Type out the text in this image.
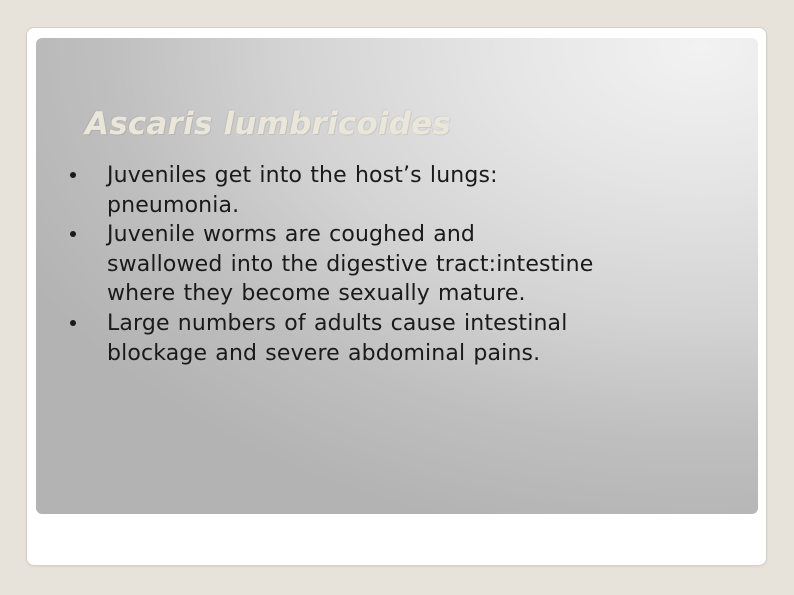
Ascaris lumbricoides
Juveniles get into the host’s lungs:
pneumonia.
Juvenile worms are coughed and
swallowed into the digestive tract:intestine
where they become sexually mature.
Large numbers of adults cause intestinal
blockage and severe abdominal pains.
